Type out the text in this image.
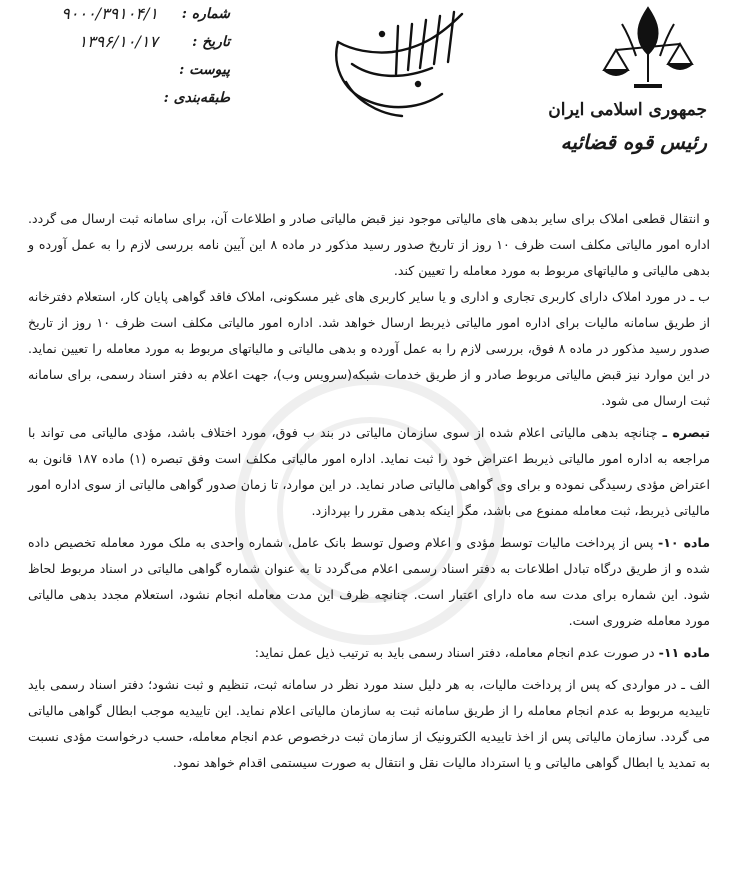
جمهوری اسلامی ایران
رئیس قوه قضائیه
شماره :
۹۰۰۰/۳۹۱۰۴/۱
تاریخ :
۱۳۹۶/۱۰/۱۷
پیوست :
طبقه‌بندی :

و انتقال قطعی املاک برای سایر بدهی های مالیاتی موجود نیز قبض مالیاتی صادر و اطلاعات آن، برای سامانه ثبت ارسال می گردد. اداره امور مالیاتی مکلف است ظرف ۱۰ روز از تاریخ صدور رسید مذکور در ماده ۸ این آیین نامه بررسی لازم را به عمل آورده و بدهی مالیاتی و مالیاتهای مربوط به مورد معامله را تعیین کند.

ب ـ در مورد املاک دارای کاربری تجاری و اداری و یا سایر کاربری های غیر مسکونی، املاک فاقد گواهی پایان کار، استعلام دفترخانه از طریق سامانه مالیات برای اداره امور مالیاتی ذیربط ارسال خواهد شد. اداره امور مالیاتی مکلف است ظرف ۱۰ روز از تاریخ صدور رسید مذکور در ماده ۸ فوق، بررسی لازم را به عمل آورده و بدهی مالیاتی و مالیاتهای مربوط به مورد معامله را تعیین نماید. در این موارد نیز قبض مالیاتی مربوط صادر و از طریق خدمات شبکه(سرویس وب)، جهت اعلام به دفتر اسناد رسمی، برای سامانه ثبت ارسال می شود.

تبصره ـ چنانچه بدهی مالیاتی اعلام شده از سوی سازمان مالیاتی در بند ب فوق، مورد اختلاف باشد، مؤدی مالیاتی می تواند با مراجعه به اداره امور مالیاتی ذیربط اعتراض خود را ثبت نماید. اداره امور مالیاتی مکلف است وفق تبصره (۱) ماده ۱۸۷ قانون به اعتراض مؤدی رسیدگی نموده و برای وی گواهی مالیاتی صادر نماید. در این موارد، تا زمان صدور گواهی مالیاتی از سوی اداره امور مالیاتی ذیربط، ثبت معامله ممنوع می باشد، مگر اینکه بدهی مقرر را بپردازد.

ماده ۱۰- پس از پرداخت مالیات توسط مؤدی و اعلام وصول توسط بانک عامل، شماره واحدی به ملک مورد معامله تخصیص داده شده و از طریق درگاه تبادل اطلاعات به دفتر اسناد رسمی اعلام می‌گردد تا به عنوان شماره گواهی مالیاتی در اسناد مربوط لحاظ شود. این شماره برای مدت سه ماه دارای اعتبار است. چنانچه ظرف این مدت معامله انجام نشود، استعلام مجدد بدهی مالیاتی مورد معامله ضروری است.

ماده ۱۱- در صورت عدم انجام معامله، دفتر اسناد رسمی باید به ترتیب ذیل عمل نماید:

الف ـ در مواردی که پس از پرداخت مالیات، به هر دلیل سند مورد نظر در سامانه ثبت، تنظیم و ثبت نشود؛ دفتر اسناد رسمی باید تاییدیه مربوط به عدم انجام معامله را از طریق سامانه ثبت به سازمان مالیاتی اعلام نماید. این تاییدیه موجب ابطال گواهی مالیاتی می گردد. سازمان مالیاتی پس از اخذ تاییدیه الکترونیک از سازمان ثبت درخصوص عدم انجام معامله، حسب درخواست مؤدی نسبت به تمدید یا ابطال گواهی مالیاتی و یا استرداد مالیات نقل و انتقال به صورت سیستمی اقدام خواهد نمود.
